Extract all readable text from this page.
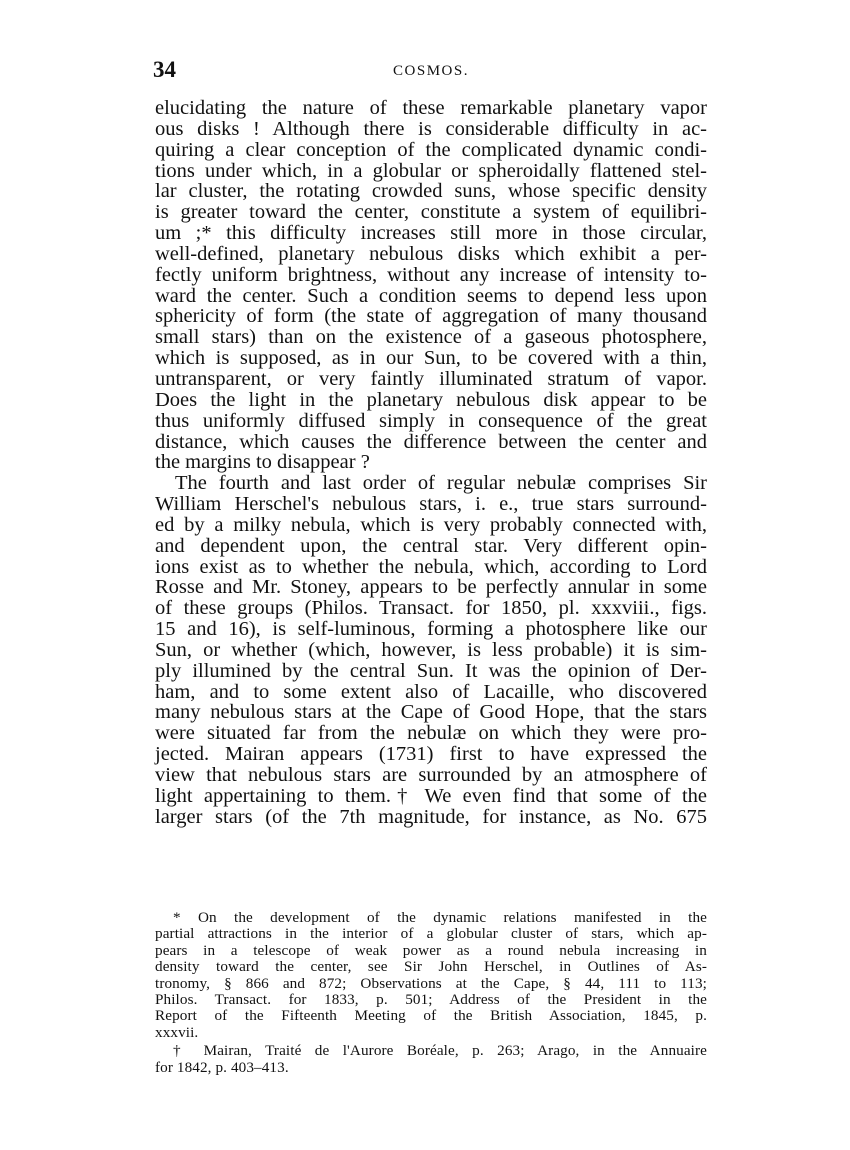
34	COSMOS.
elucidating the nature of these remarkable planetary vapor
ous disks ! Although there is considerable difficulty in ac-
quiring a clear conception of the complicated dynamic condi-
tions under which, in a globular or spheroidally flattened stel-
lar cluster, the rotating crowded suns, whose specific density
is greater toward the center, constitute a system of equilibri-
um ;* this difficulty increases still more in those circular,
well-defined, planetary nebulous disks which exhibit a per-
fectly uniform brightness, without any increase of intensity to-
ward the center. Such a condition seems to depend less upon
sphericity of form (the state of aggregation of many thousand
small stars) than on the existence of a gaseous photosphere,
which is supposed, as in our Sun, to be covered with a thin,
untransparent, or very faintly illuminated stratum of vapor.
Does the light in the planetary nebulous disk appear to be
thus uniformly diffused simply in consequence of the great
distance, which causes the difference between the center and
the margins to disappear ?
The fourth and last order of regular nebulæ comprises Sir
William Herschel's nebulous stars, i. e., true stars surround-
ed by a milky nebula, which is very probably connected with,
and dependent upon, the central star. Very different opin-
ions exist as to whether the nebula, which, according to Lord
Rosse and Mr. Stoney, appears to be perfectly annular in some
of these groups (Philos. Transact. for 1850, pl. xxxviii., figs.
15 and 16), is self-luminous, forming a photosphere like our
Sun, or whether (which, however, is less probable) it is sim-
ply illumined by the central Sun. It was the opinion of Der-
ham, and to some extent also of Lacaille, who discovered
many nebulous stars at the Cape of Good Hope, that the stars
were situated far from the nebulæ on which they were pro-
jected. Mairan appears (1731) first to have expressed the
view that nebulous stars are surrounded by an atmosphere of
light appertaining to them.† We even find that some of the
larger stars (of the 7th magnitude, for instance, as No. 675
* On the development of the dynamic relations manifested in the
partial attractions in the interior of a globular cluster of stars, which ap-
pears in a telescope of weak power as a round nebula increasing in
density toward the center, see Sir John Herschel, in Outlines of As-
tronomy, § 866 and 872; Observations at the Cape, § 44, 111 to 113;
Philos. Transact. for 1833, p. 501; Address of the President in the
Report of the Fifteenth Meeting of the British Association, 1845, p.
xxxvii.
† Mairan, Traité de l'Aurore Boréale, p. 263; Arago, in the Annuaire
for 1842, p. 403–413.
